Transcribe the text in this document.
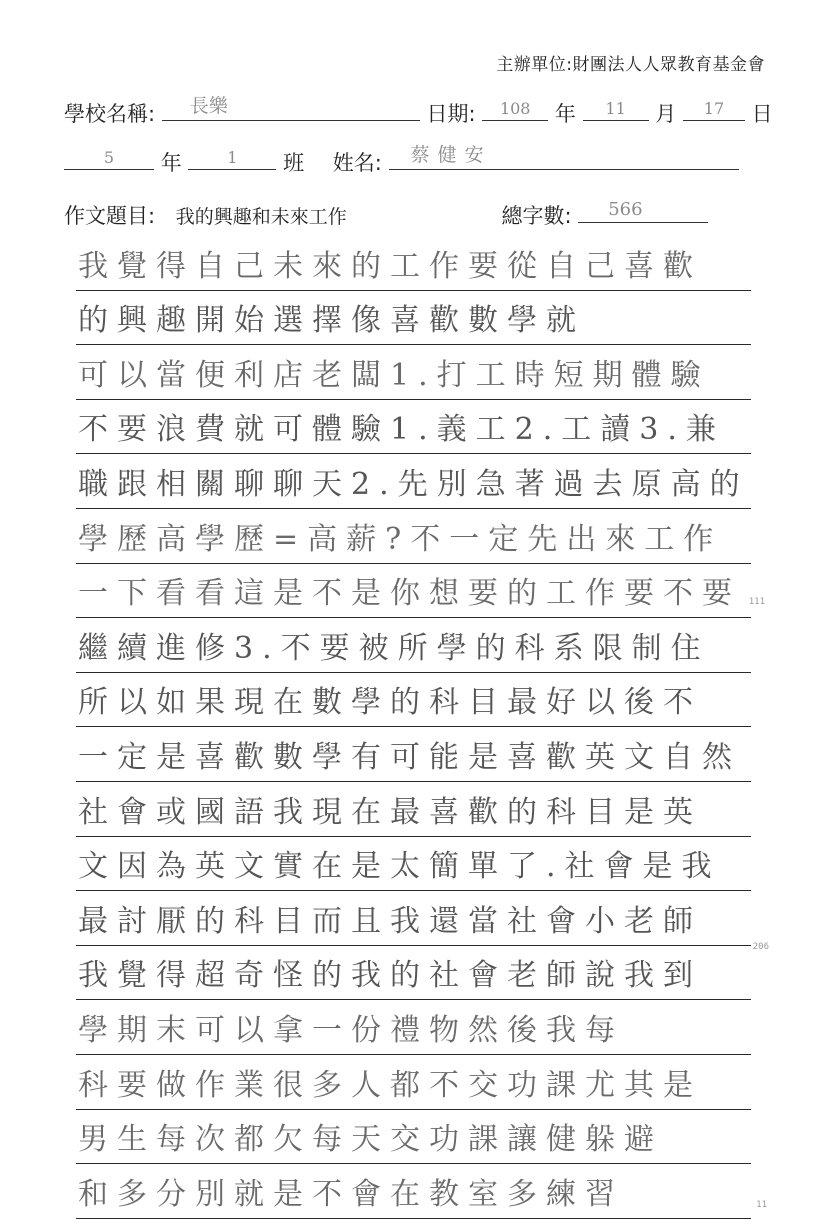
主辦單位:財團法人人眾教育基金會
學校名稱:	長樂	日期:	108	年	11	月	17	日
5	年	1	班 姓名:	蔡健安
作文題目: 我的興趣和未來工作	總字數:	566
我覺得自己未來的工作要從自己喜歡
的興趣開始選擇像喜歡數學就
可以當便利店老闆1.打工時短期體驗
不要浪費就可體驗1.義工2.工讀3.兼
職跟相關聊聊天2.先別急著過去原高的
學歷高學歷=高薪?不一定先出來工作
一下看看這是不是你想要的工作要不要 111
繼續進修3.不要被所學的科系限制住
所以如果現在數學的科目最好以後不
一定是喜歡數學有可能是喜歡英文自然
社會或國語我現在最喜歡的科目是英
文因為英文實在是太簡單了.社會是我
最討厭的科目而且我還當社會小老師
我覺得超奇怪的我的社會老師說我到
206
學期末可以拿一份禮物然後我每
科要做作業很多人都不交功課尤其是
男生每次都欠每天交功課讓健躲避
和多分別就是不會在教室多練習	11
